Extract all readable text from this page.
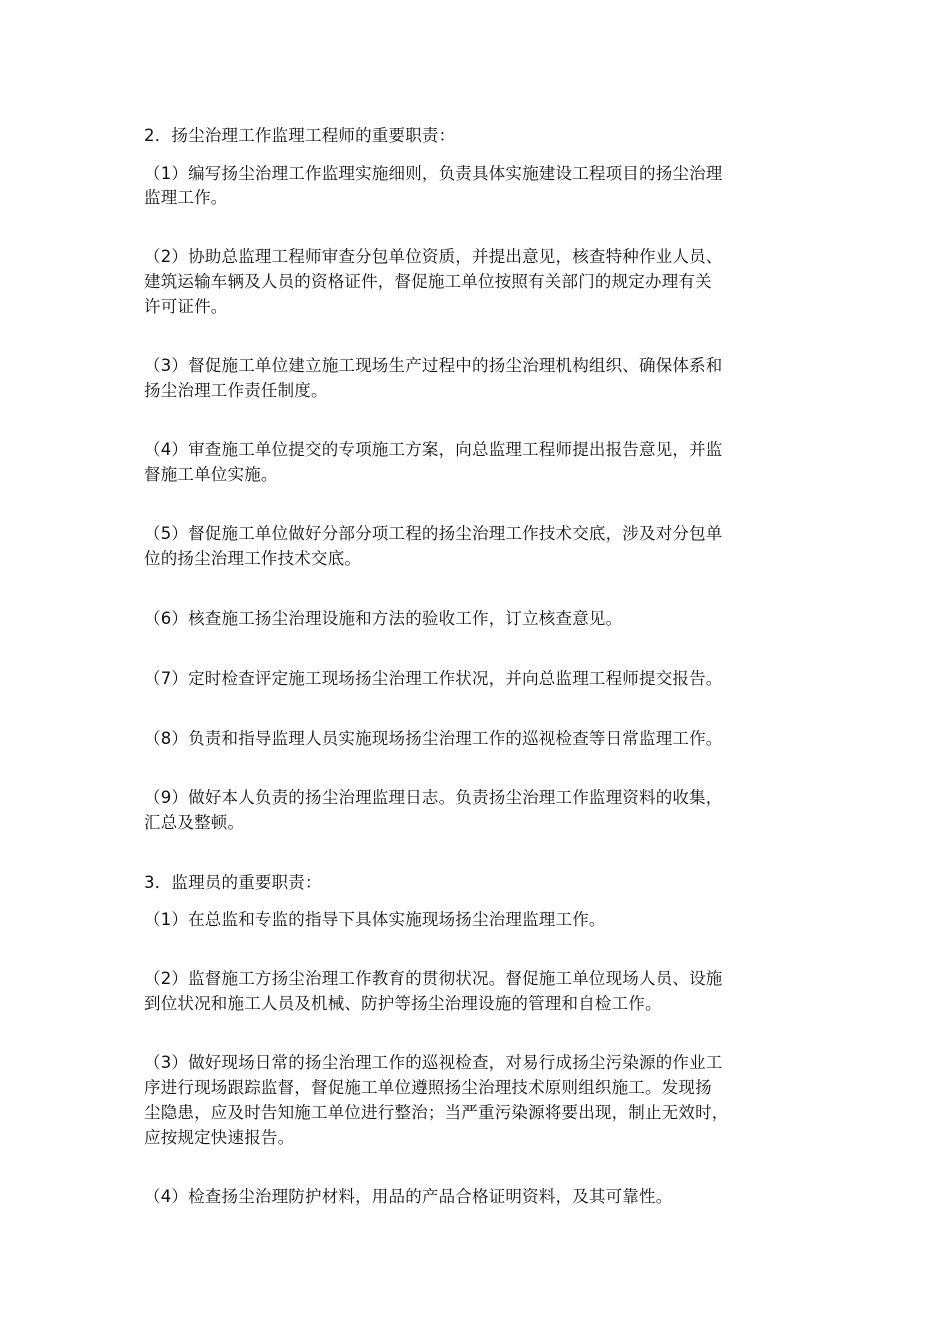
2．扬尘治理工作监理工程师的重要职责：
（1）编写扬尘治理工作监理实施细则，负责具体实施建设工程项目的扬尘治理
监理工作。
（2）协助总监理工程师审查分包单位资质，并提出意见，核查特种作业人员、
建筑运输车辆及人员的资格证件，督促施工单位按照有关部门的规定办理有关
许可证件。
（3）督促施工单位建立施工现场生产过程中的扬尘治理机构组织、确保体系和
扬尘治理工作责任制度。
（4）审查施工单位提交的专项施工方案，向总监理工程师提出报告意见，并监
督施工单位实施。
（5）督促施工单位做好分部分项工程的扬尘治理工作技术交底，涉及对分包单
位的扬尘治理工作技术交底。
（6）核查施工扬尘治理设施和方法的验收工作，订立核查意见。
（7）定时检查评定施工现场扬尘治理工作状况，并向总监理工程师提交报告。
（8）负责和指导监理人员实施现场扬尘治理工作的巡视检查等日常监理工作。
（9）做好本人负责的扬尘治理监理日志。负责扬尘治理工作监理资料的收集，
汇总及整顿。
3．监理员的重要职责：
（1）在总监和专监的指导下具体实施现场扬尘治理监理工作。
（2）监督施工方扬尘治理工作教育的贯彻状况。督促施工单位现场人员、设施
到位状况和施工人员及机械、防护等扬尘治理设施的管理和自检工作。
（3）做好现场日常的扬尘治理工作的巡视检查，对易行成扬尘污染源的作业工
序进行现场跟踪监督，督促施工单位遵照扬尘治理技术原则组织施工。发现扬
尘隐患，应及时告知施工单位进行整治；当严重污染源将要出现，制止无效时，
应按规定快速报告。
（4）检查扬尘治理防护材料，用品的产品合格证明资料，及其可靠性。
